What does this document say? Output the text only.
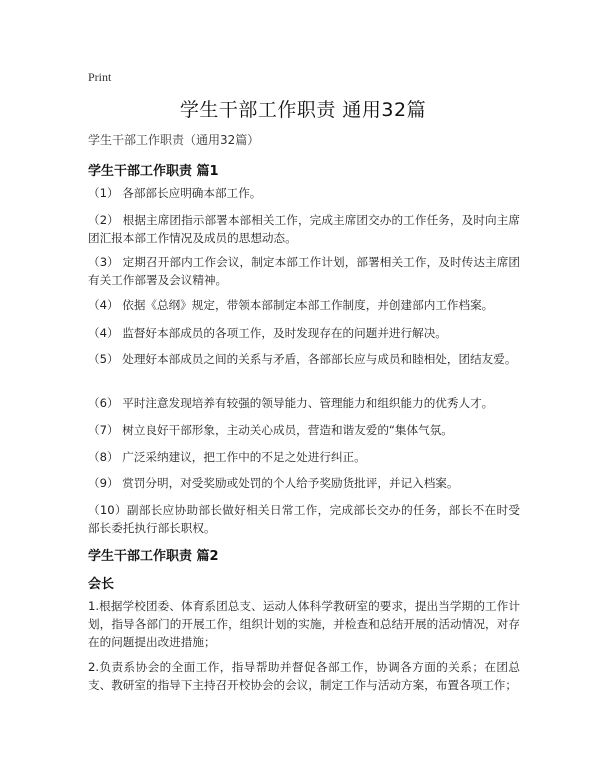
Print
学生干部工作职责 通用32篇
学生干部工作职责（通用32篇）
学生干部工作职责 篇1

（1） 各部部长应明确本部工作。

（2） 根据主席团指示部署本部相关工作，完成主席团交办的工作任务，及时向主席团汇报本部工作情况及成员的思想动态。

（3） 定期召开部内工作会议，制定本部工作计划，部署相关工作，及时传达主席团有关工作部署及会议精神。

（4） 依据《总纲》规定，带领本部制定本部工作制度，并创建部内工作档案。

（4） 监督好本部成员的各项工作，及时发现存在的问题并进行解决。

（5） 处理好本部成员之间的关系与矛盾，各部部长应与成员和睦相处，团结友爱。

（6） 平时注意发现培养有较强的领导能力、管理能力和组织能力的优秀人才。

（7） 树立良好干部形象，主动关心成员，营造和谐友爱的“集体气氛。

（8） 广泛采纳建议，把工作中的不足之处进行纠正。

（9） 赏罚分明，对受奖励或处罚的个人给予奖励货批评，并记入档案。

（10）副部长应协助部长做好相关日常工作，完成部长交办的任务，部长不在时受部长委托执行部长职权。

学生干部工作职责 篇2
会长

1.根据学校团委、体育系团总支、运动人体科学教研室的要求，提出当学期的工作计划，指导各部门的开展工作，组织计划的实施，并检查和总结开展的活动情况，对存在的问题提出改进措施；

2.负责系协会的全面工作，指导帮助并督促各部工作，协调各方面的关系；在团总支、教研室的指导下主持召开校协会的会议，制定工作与活动方案，布置各项工作；
